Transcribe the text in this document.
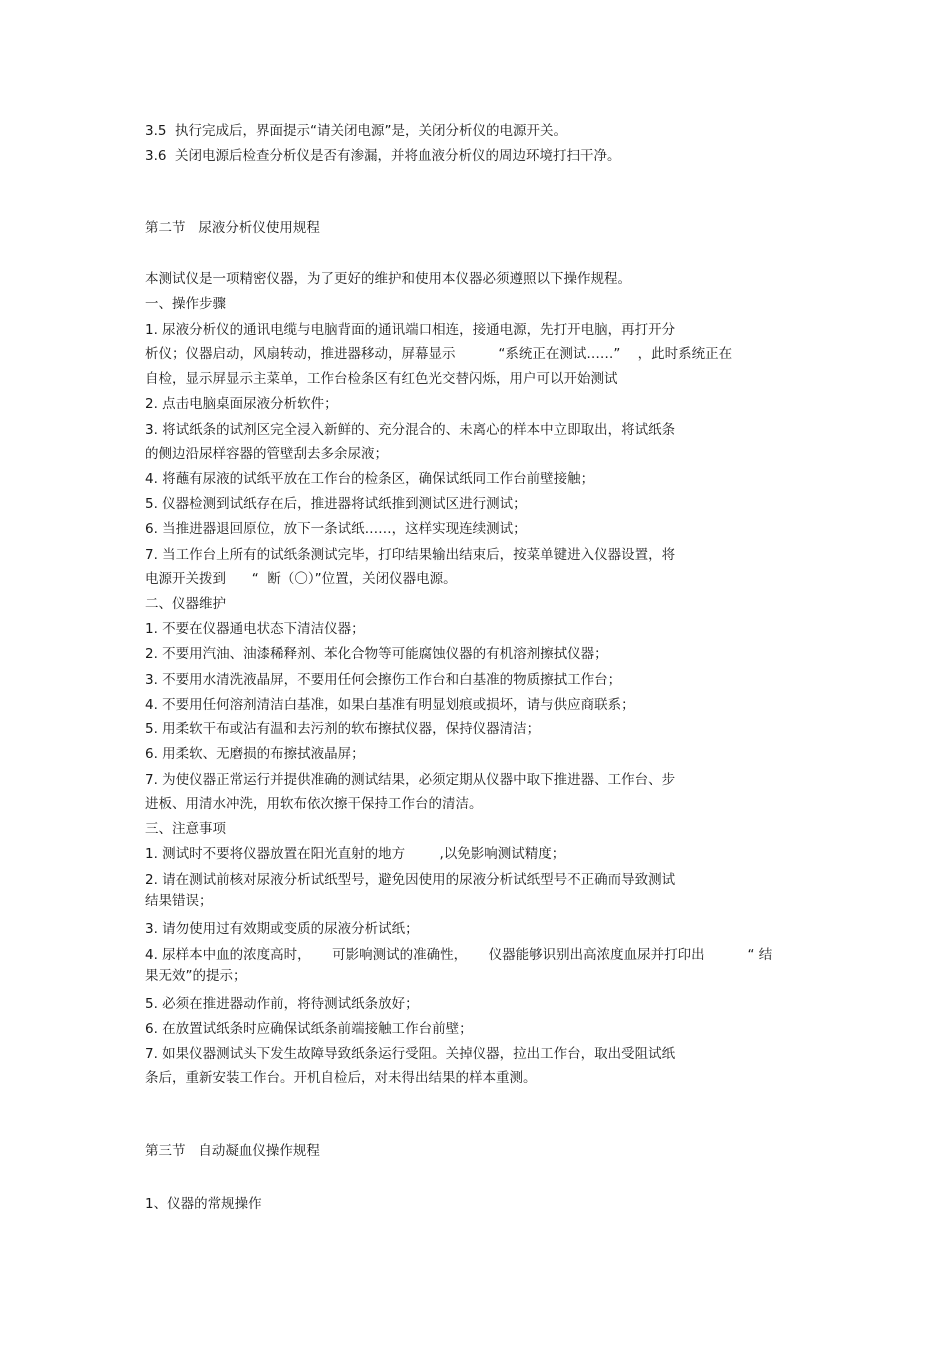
3.5  执行完成后，界面提示“请关闭电源”是，关闭分析仪的电源开关。
3.6  关闭电源后检查分析仪是否有渗漏，并将血液分析仪的周边环境打扫干净。
第二节   尿液分析仪使用规程
本测试仪是一项精密仪器，为了更好的维护和使用本仪器必须遵照以下操作规程。
一、操作步骤
1. 尿液分析仪的通讯电缆与电脑背面的通讯端口相连，接通电源，先打开电脑，再打开分
析仪；仪器启动，风扇转动，推进器移动，屏幕显示          “系统正在测试……”    ，此时系统正在
自检，显示屏显示主菜单，工作台检条区有红色光交替闪烁，用户可以开始测试
2. 点击电脑桌面尿液分析软件；
3. 将试纸条的试剂区完全浸入新鲜的、充分混合的、未离心的样本中立即取出，将试纸条
的侧边沿尿样容器的管壁刮去多余尿液；
4. 将蘸有尿液的试纸平放在工作台的检条区，确保试纸同工作台前壁接触；
5. 仪器检测到试纸存在后，推进器将试纸推到测试区进行测试；
6. 当推进器退回原位，放下一条试纸……，这样实现连续测试；
7. 当工作台上所有的试纸条测试完毕，打印结果输出结束后，按菜单键进入仪器设置，将
电源开关拨到      “  断（〇）”位置，关闭仪器电源。
二、仪器维护
1. 不要在仪器通电状态下清洁仪器；
2. 不要用汽油、油漆稀释剂、苯化合物等可能腐蚀仪器的有机溶剂擦拭仪器；
3. 不要用水清洗液晶屏，不要用任何会擦伤工作台和白基准的物质擦拭工作台；
4. 不要用任何溶剂清洁白基准，如果白基准有明显划痕或损坏，请与供应商联系；
5. 用柔软干布或沾有温和去污剂的软布擦拭仪器，保持仪器清洁；
6. 用柔软、无磨损的布擦拭液晶屏；
7. 为使仪器正常运行并提供准确的测试结果，必须定期从仪器中取下推进器、工作台、步
进板、用清水冲洗，用软布依次擦干保持工作台的清洁。
三、注意事项
1. 测试时不要将仪器放置在阳光直射的地方        ,以免影响测试精度；
2. 请在测试前核对尿液分析试纸型号，避免因使用的尿液分析试纸型号不正确而导致测试
结果错误；
3. 请勿使用过有效期或变质的尿液分析试纸；
4. 尿样本中血的浓度高时，     可影响测试的准确性，     仪器能够识别出高浓度血尿并打印出          “ 结
果无效”的提示；
5. 必须在推进器动作前，将待测试纸条放好；
6. 在放置试纸条时应确保试纸条前端接触工作台前壁；
7. 如果仪器测试头下发生故障导致纸条运行受阻。关掉仪器，拉出工作台，取出受阻试纸
条后，重新安装工作台。开机自检后，对未得出结果的样本重测。
第三节   自动凝血仪操作规程
1、仪器的常规操作
